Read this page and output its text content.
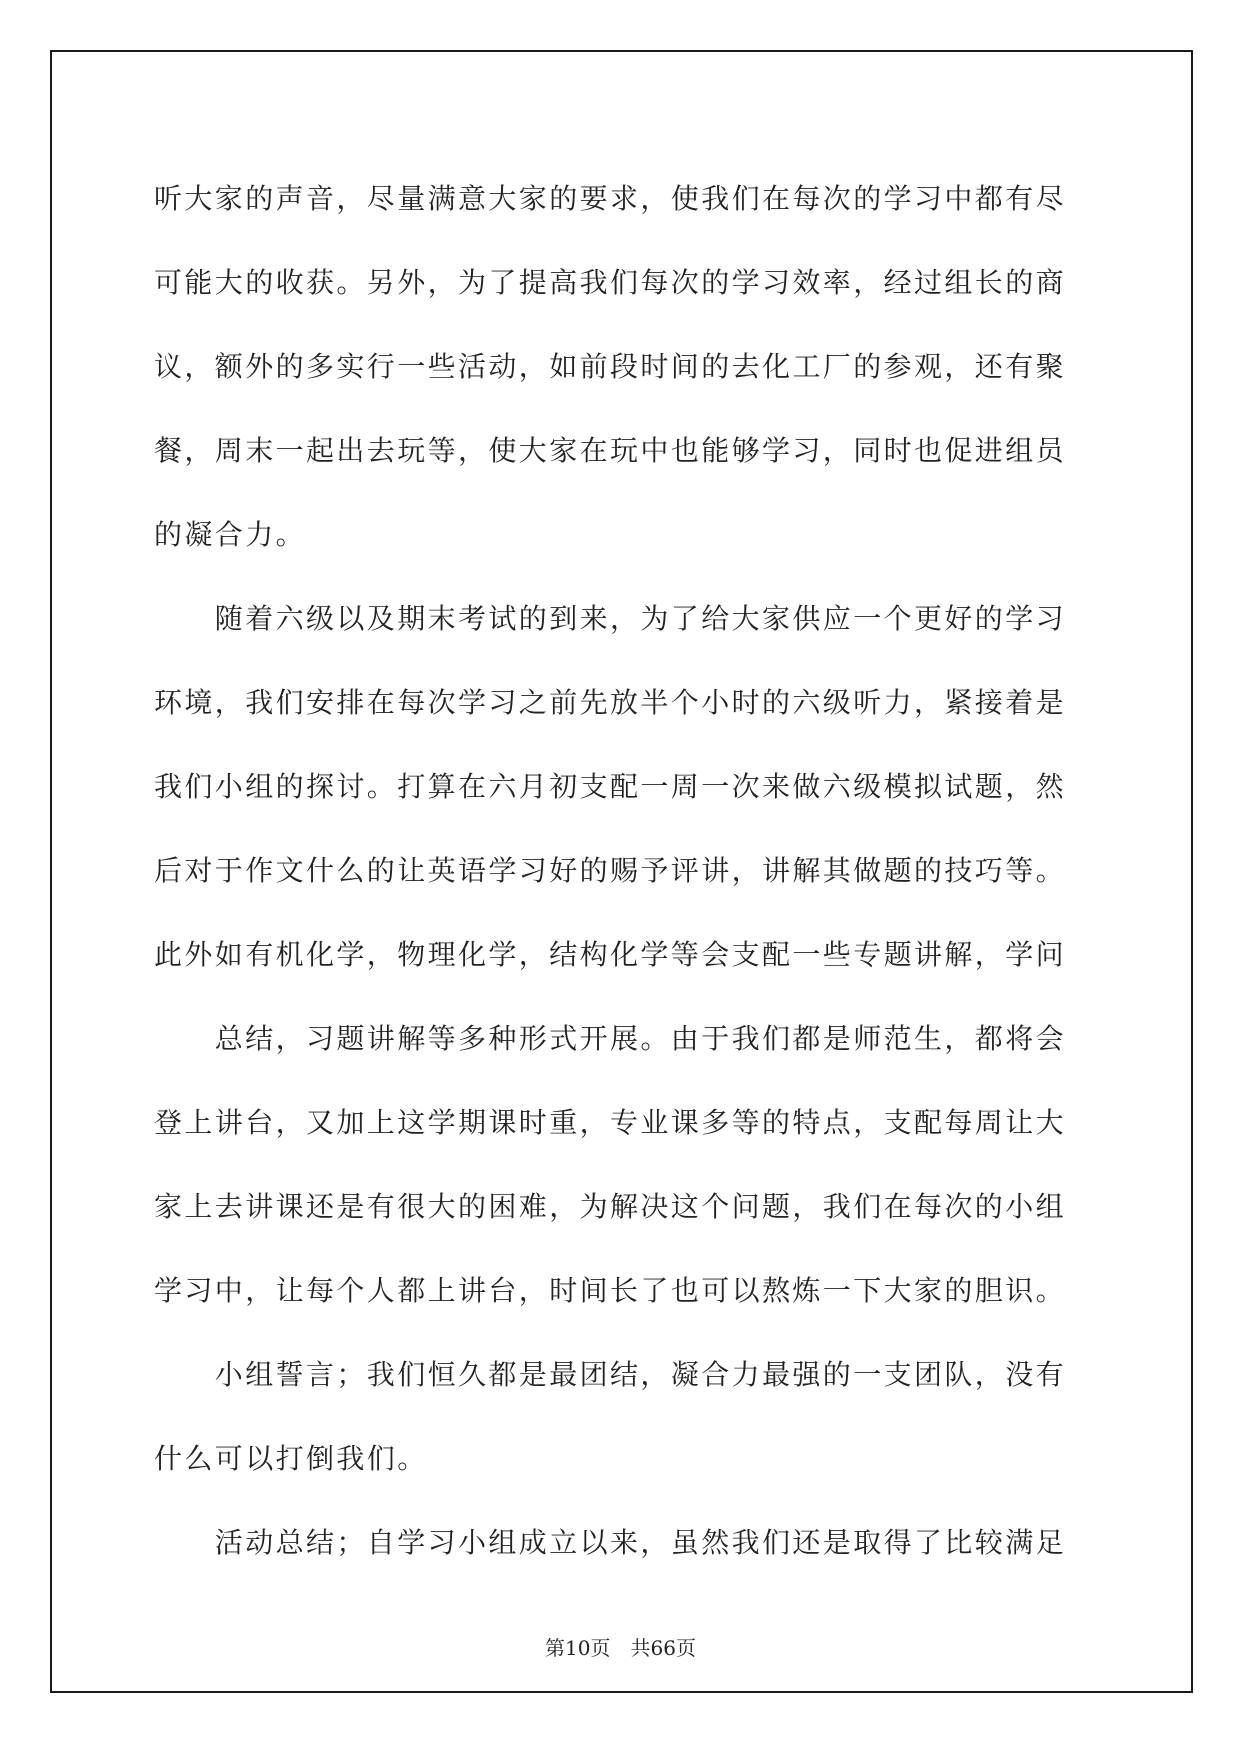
听大家的声音，尽量满意大家的要求，使我们在每次的学习中都有尽
可能大的收获。另外，为了提高我们每次的学习效率，经过组长的商
议，额外的多实行一些活动，如前段时间的去化工厂的参观，还有聚
餐，周末一起出去玩等，使大家在玩中也能够学习，同时也促进组员
的凝合力。
　　随着六级以及期末考试的到来，为了给大家供应一个更好的学习
环境，我们安排在每次学习之前先放半个小时的六级听力，紧接着是
我们小组的探讨。打算在六月初支配一周一次来做六级模拟试题，然
后对于作文什么的让英语学习好的赐予评讲，讲解其做题的技巧等。
此外如有机化学，物理化学，结构化学等会支配一些专题讲解，学问
　　总结，习题讲解等多种形式开展。由于我们都是师范生，都将会
登上讲台，又加上这学期课时重，专业课多等的特点，支配每周让大
家上去讲课还是有很大的困难，为解决这个问题，我们在每次的小组
学习中，让每个人都上讲台，时间长了也可以熬炼一下大家的胆识。
　　小组誓言；我们恒久都是最团结，凝合力最强的一支团队，没有
什么可以打倒我们。
　　活动总结；自学习小组成立以来，虽然我们还是取得了比较满足
第10页　共66页
